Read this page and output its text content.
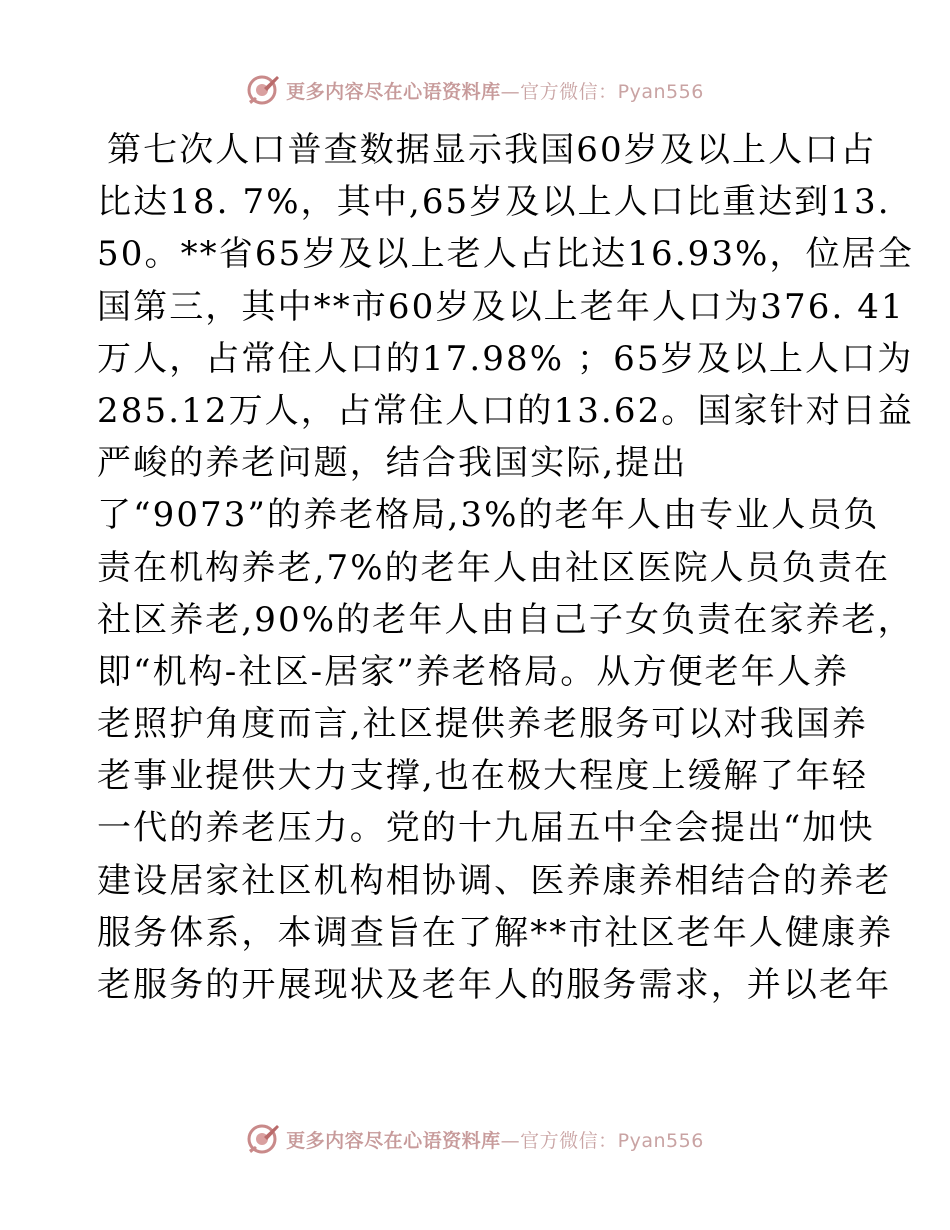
更多内容尽在心语资料库—官方微信：Pyan556
第七次人口普查数据显示我国60岁及以上人口占
比达18. 7%，其中,65岁及以上人口比重达到13.
50。**省65岁及以上老人占比达16.93%，位居全
国第三，其中**市60岁及以上老年人口为376. 41
万人，占常住人口的17.98% ；65岁及以上人口为
285.12万人，占常住人口的13.62。国家针对日益
严峻的养老问题，结合我国实际,提出
了“9073”的养老格局,3%的老年人由专业人员负
责在机构养老,7%的老年人由社区医院人员负责在
社区养老,90%的老年人由自己子女负责在家养老，
即“机构-社区-居家”养老格局。从方便老年人养
老照护角度而言,社区提供养老服务可以对我国养
老事业提供大力支撑,也在极大程度上缓解了年轻
一代的养老压力。党的十九届五中全会提出“加快
建设居家社区机构相协调、医养康养相结合的养老
服务体系，本调查旨在了解**市社区老年人健康养
老服务的开展现状及老年人的服务需求，并以老年
更多内容尽在心语资料库—官方微信：Pyan556
